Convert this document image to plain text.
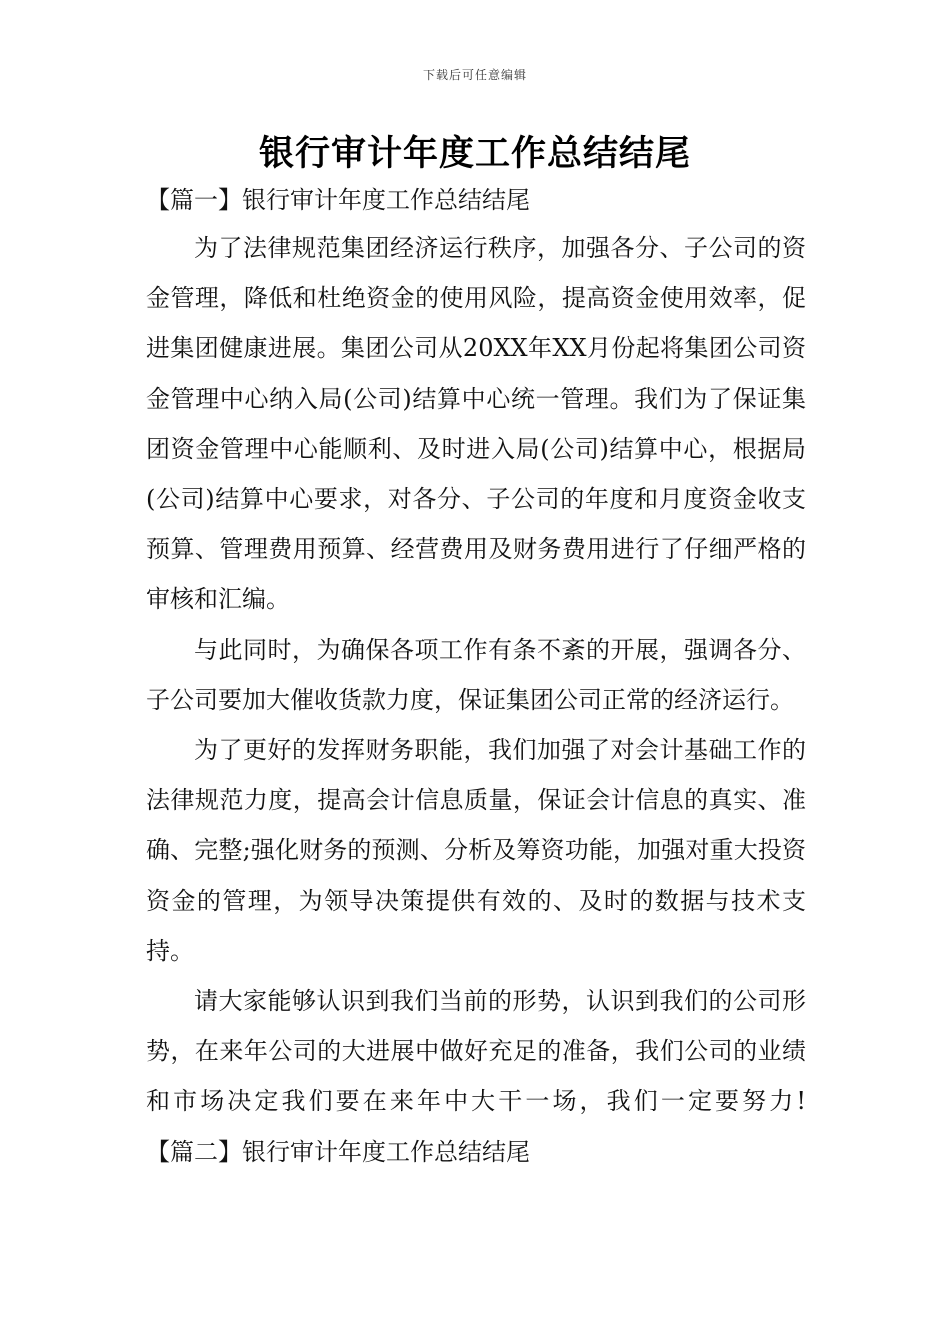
下载后可任意编辑
银行审计年度工作总结结尾

【篇一】银行审计年度工作总结结尾

为了法律规范集团经济运行秩序，加强各分、子公司的资金管理，降低和杜绝资金的使用风险，提高资金使用效率，促进集团健康进展。集团公司从20XX年XX月份起将集团公司资金管理中心纳入局(公司)结算中心统一管理。我们为了保证集团资金管理中心能顺利、及时进入局(公司)结算中心，根据局(公司)结算中心要求，对各分、子公司的年度和月度资金收支预算、管理费用预算、经营费用及财务费用进行了仔细严格的审核和汇编。

与此同时，为确保各项工作有条不紊的开展，强调各分、子公司要加大催收货款力度，保证集团公司正常的经济运行。

为了更好的发挥财务职能，我们加强了对会计基础工作的法律规范力度，提高会计信息质量，保证会计信息的真实、准确、完整;强化财务的预测、分析及筹资功能，加强对重大投资资金的管理，为领导决策提供有效的、及时的数据与技术支持。

请大家能够认识到我们当前的形势，认识到我们的公司形势，在来年公司的大进展中做好充足的准备，我们公司的业绩和市场决定我们要在来年中大干一场，我们一定要努力!【篇二】银行审计年度工作总结结尾
